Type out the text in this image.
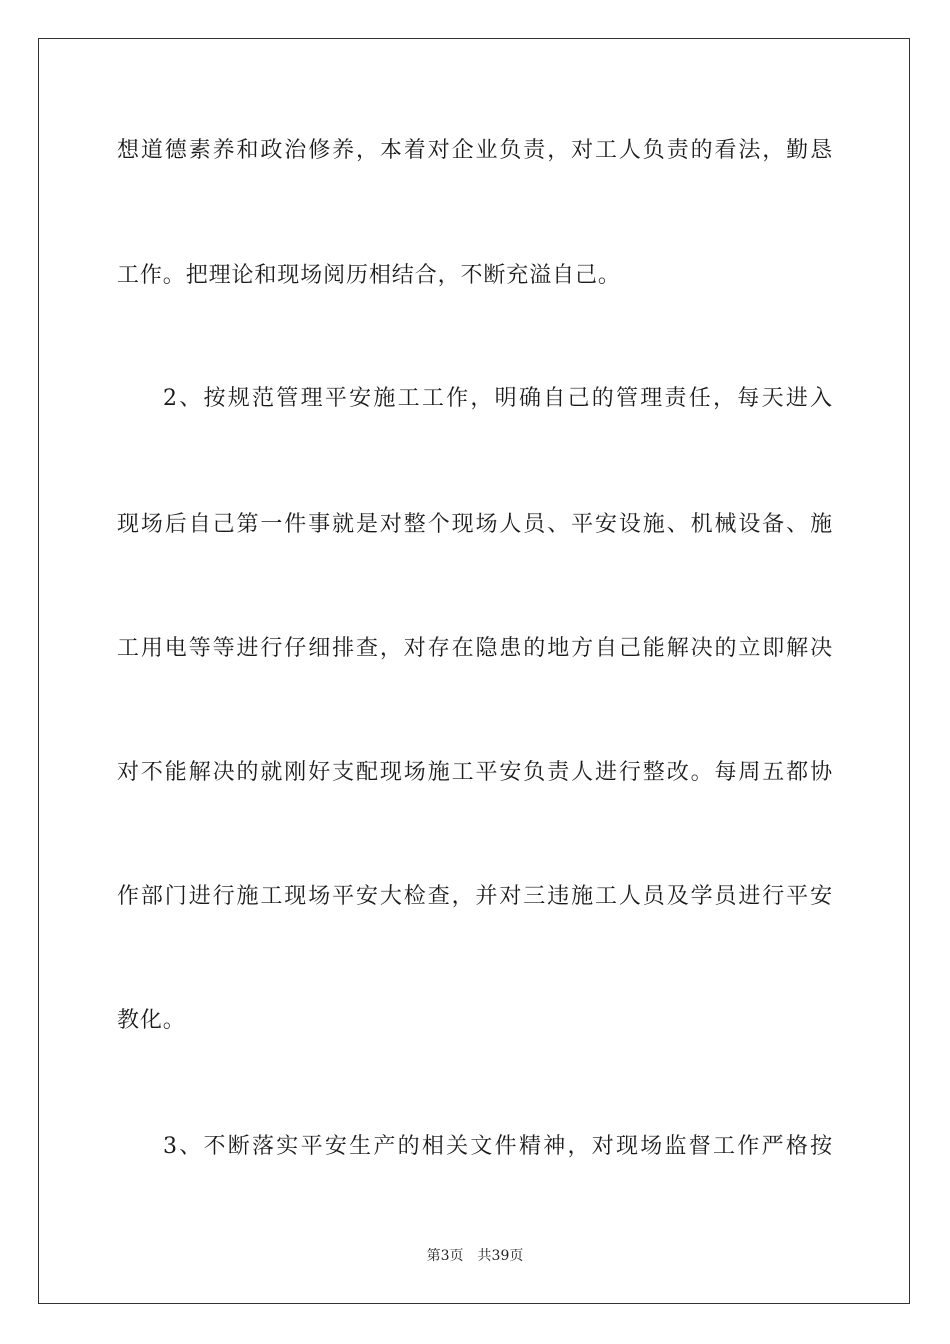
想道德素养和政治修养，本着对企业负责，对工人负责的看法，勤恳
工作。把理论和现场阅历相结合，不断充溢自己。
2、按规范管理平安施工工作，明确自己的管理责任，每天进入
现场后自己第一件事就是对整个现场人员、平安设施、机械设备、施
工用电等等进行仔细排查，对存在隐患的地方自己能解决的立即解决
对不能解决的就刚好支配现场施工平安负责人进行整改。每周五都协
作部门进行施工现场平安大检查，并对三违施工人员及学员进行平安
教化。
3、不断落实平安生产的相关文件精神，对现场监督工作严格按
第3页 共39页
